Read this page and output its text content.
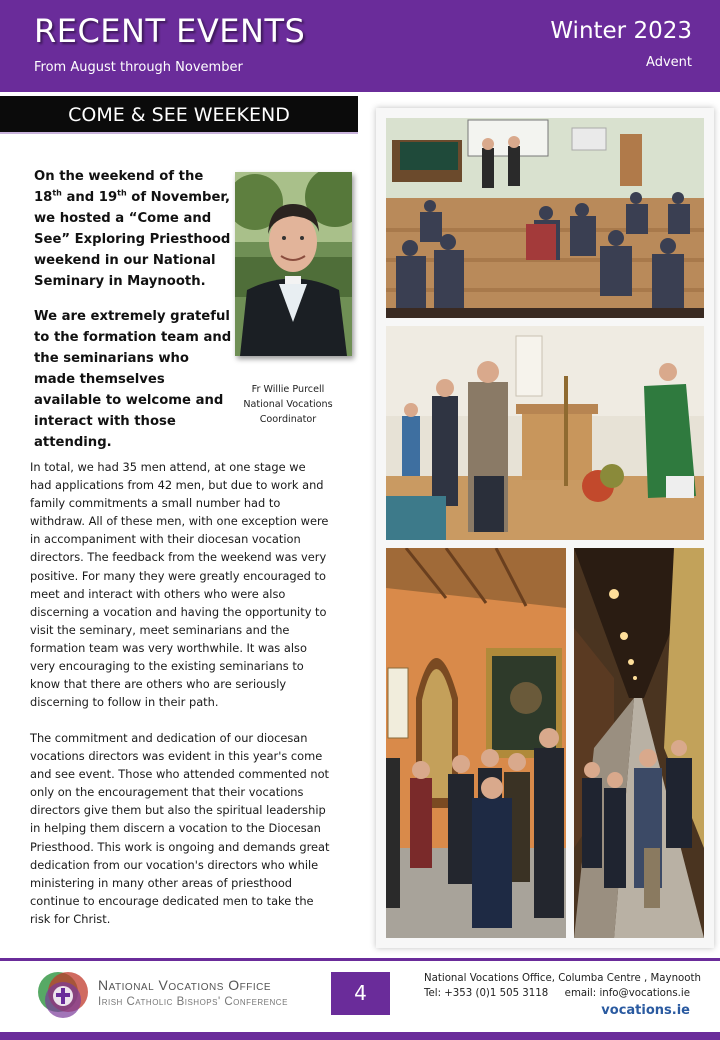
RECENT EVENTS
From August through November
Winter 2023
Advent
COME & SEE WEEKEND

On the weekend of the 18th and 19th of November, we hosted a “Come and See” Exploring Priesthood weekend in our National Seminary in Maynooth.

We are extremely grateful to the formation team and the seminarians who made themselves available to welcome and interact with those attending.

Fr Willie Purcell
National Vocations Coordinator

In total, we had 35 men attend, at one stage we had applications from 42 men, but due to work and family commitments a small number had to withdraw. All of these men, with one exception were in accompaniment with their diocesan vocation directors. The feedback from the weekend was very positive. For many they were greatly encouraged to meet and interact with others who were also discerning a vocation and having the opportunity to visit the seminary, meet seminarians and the formation team was very worthwhile. It was also very encouraging to the existing seminarians to know that there are others who are seriously discerning to follow in their path.

The commitment and dedication of our diocesan vocations directors was evident in this year's come and see event. Those who attended commented not only on the encouragement that their vocations directors give them but also the spiritual leadership in helping them discern a vocation to the Diocesan Priesthood. This work is ongoing and demands great dedication from our vocation's directors who while ministering in many other areas of priesthood continue to encourage dedicated men to take the risk for Christ.

National Vocations Office
Irish Catholic Bishops' Conference	4
National Vocations Office, Columba Centre , Maynooth
Tel: +353 (0)1 505 3118 email: info@vocations.ie
vocations.ie
